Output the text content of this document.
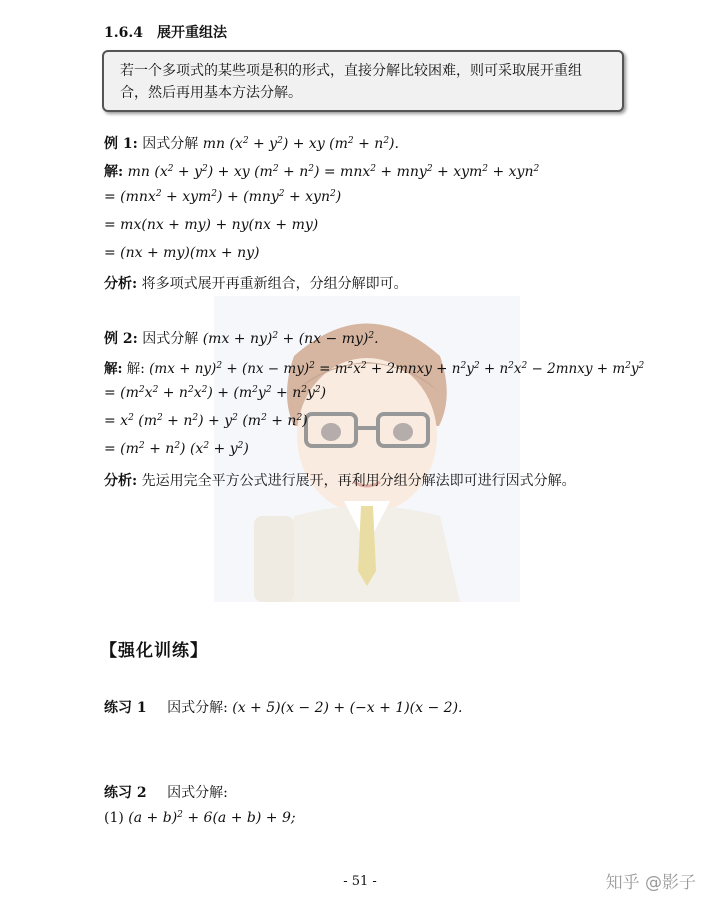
1.6.4 展开重组法
若一个多项式的某些项是积的形式，直接分解比较困难，则可采取展开重组合，然后再用基本方法分解。
例 1: 因式分解 mn $(x^2 + y^2)$ + xy $(m^2 + n^2)$.
解: mn $(x^2 + y^2)$ + xy $(m^2 + n^2) = mnx^2 + mny^2 + xym^2 + xyn^2$
= (mnx$^2$ + xym$^2$) + (mny$^2$ + xyn$^2$)
= mx(nx + my) + ny(nx + my)
= (nx + my)(mx + ny)
分析: 将多项式展开再重新组合，分组分解即可。
例 2: 因式分解 (mx + ny)$^2$ + (nx − my)$^2$.
解: 解: $(mx + ny)^2 + (nx - my)^2 = m^2x^2$ + 2mnxy + $n^2y^2 + n^2x^2$ − 2mnxy + $m^2y^2$
= $(m^2x^2 + n^2x^2) + (m^2y^2 + n^2y^2)$
= $x^2$ $(m^2 + n^2) + y^2$ $(m^2 + n^2)$
= $(m^2 + n^2) (x^2 + y^2)$
分析: 先运用完全平方公式进行展开，再利用分组分解法即可进行因式分解。
【强化训练】
练习 1 因式分解: (x + 5)(x − 2) + (−x + 1)(x − 2).
练习 2 因式分解:
(1) $(a + b)^2 + 6(a + b) + 9$;
- 51 -	知乎 @影子
